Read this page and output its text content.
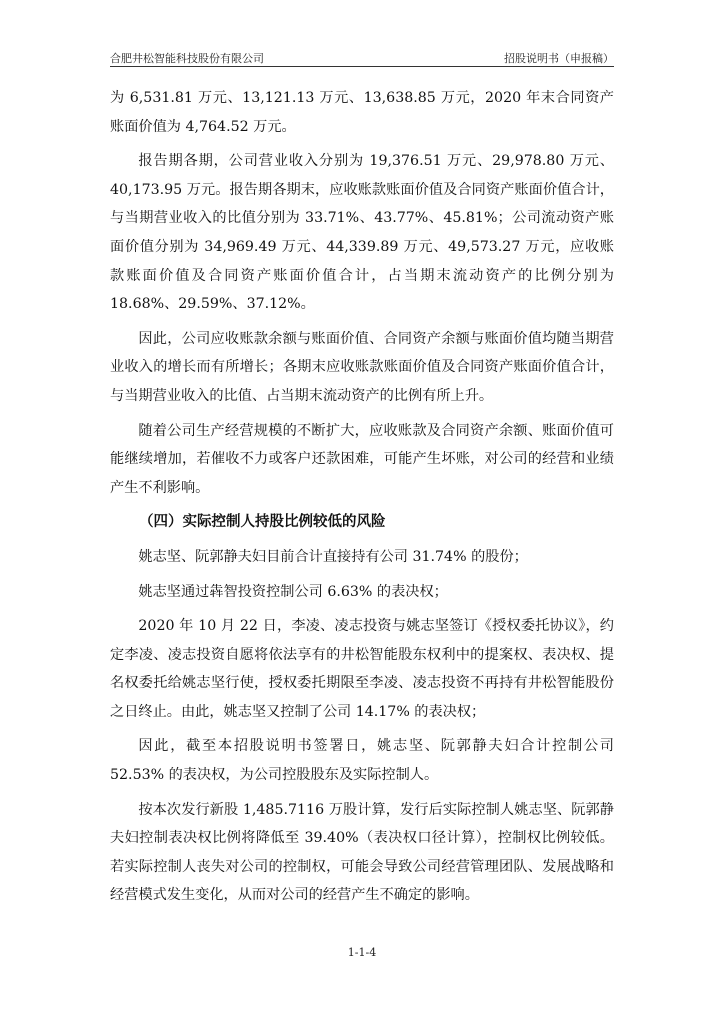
合肥井松智能科技股份有限公司	招股说明书（申报稿）

为 6,531.81 万元、13,121.13 万元、13,638.85 万元，2020 年末合同资产账面价值为 4,764.52 万元。

报告期各期，公司营业收入分别为 19,376.51 万元、29,978.80 万元、40,173.95 万元。报告期各期末，应收账款账面价值及合同资产账面价值合计，与当期营业收入的比值分别为 33.71%、43.77%、45.81%；公司流动资产账面价值分别为 34,969.49 万元、44,339.89 万元、49,573.27 万元，应收账款账面价值及合同资产账面价值合计，占当期末流动资产的比例分别为 18.68%、29.59%、37.12%。

因此，公司应收账款余额与账面价值、合同资产余额与账面价值均随当期营业收入的增长而有所增长；各期末应收账款账面价值及合同资产账面价值合计，与当期营业收入的比值、占当期末流动资产的比例有所上升。

随着公司生产经营规模的不断扩大，应收账款及合同资产余额、账面价值可能继续增加，若催收不力或客户还款困难，可能产生坏账，对公司的经营和业绩产生不利影响。

（四）实际控制人持股比例较低的风险

姚志坚、阮郭静夫妇目前合计直接持有公司 31.74% 的股份；

姚志坚通过犇智投资控制公司 6.63% 的表决权；

2020 年 10 月 22 日，李凌、凌志投资与姚志坚签订《授权委托协议》，约定李凌、凌志投资自愿将依法享有的井松智能股东权利中的提案权、表决权、提名权委托给姚志坚行使，授权委托期限至李凌、凌志投资不再持有井松智能股份之日终止。由此，姚志坚又控制了公司 14.17% 的表决权；

因此，截至本招股说明书签署日，姚志坚、阮郭静夫妇合计控制公司 52.53% 的表决权，为公司控股股东及实际控制人。

按本次发行新股 1,485.7116 万股计算，发行后实际控制人姚志坚、阮郭静夫妇控制表决权比例将降低至 39.40%（表决权口径计算），控制权比例较低。若实际控制人丧失对公司的控制权，可能会导致公司经营管理团队、发展战略和经营模式发生变化，从而对公司的经营产生不确定的影响。

1-1-4
